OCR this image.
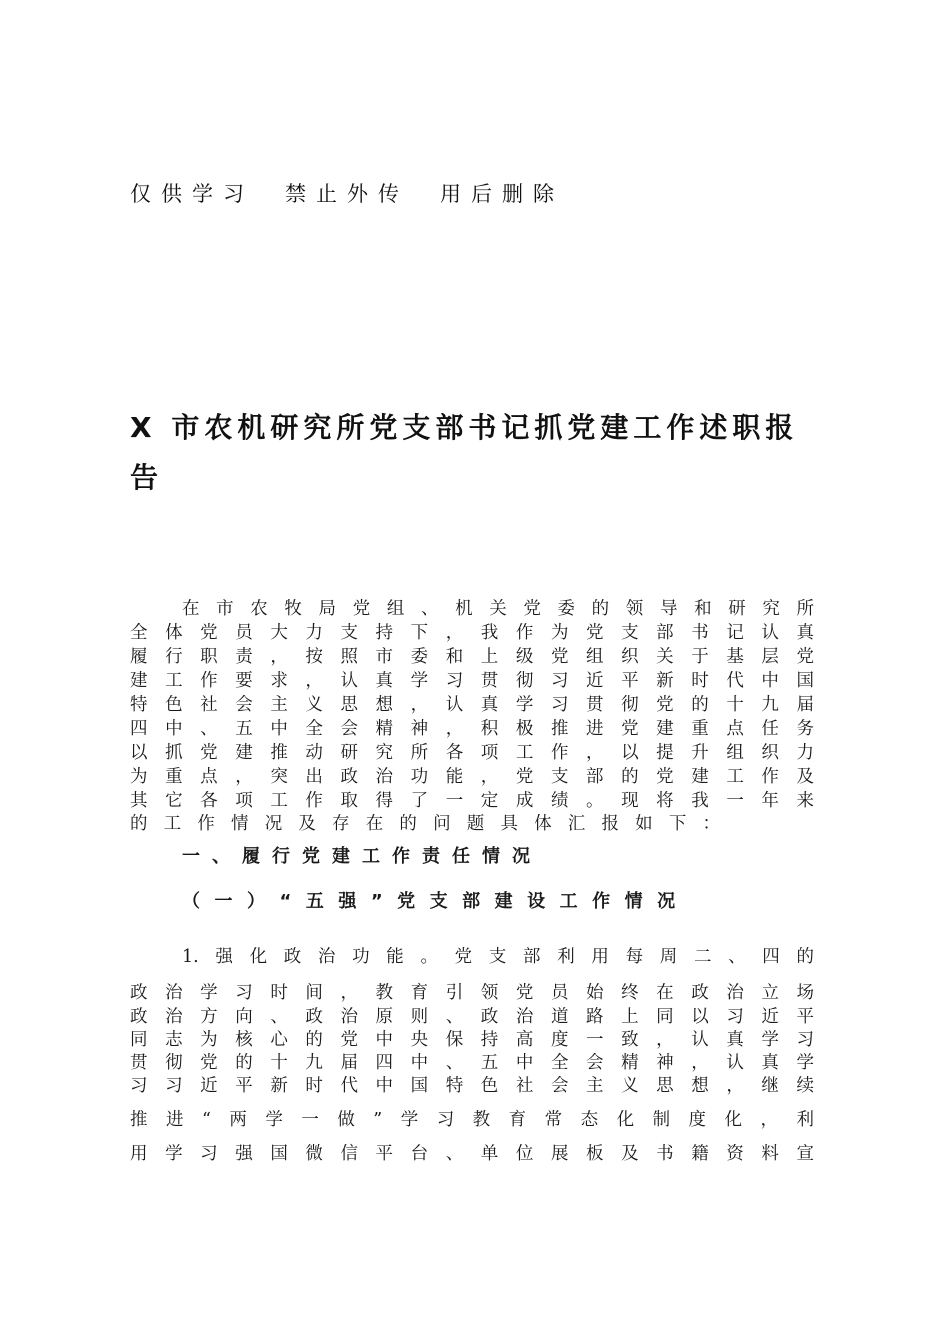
仅供学习　禁止外传　用后删除
X 市农机研究所党支部书记抓党建工作述职报告
在市农牧局党组、机关党委的领导和研究所
全体党员大力支持下，我作为党支部书记认真
履行职责，按照市委和上级党组织关于基层党
建工作要求，认真学习贯彻习近平新时代中国
特色社会主义思想，认真学习贯彻党的十九届
四中、五中全会精神，积极推进党建重点任务
以抓党建推动研究所各项工作，以提升组织力
为重点，突出政治功能，党支部的党建工作及
其它各项工作取得了一定成绩。现将我一年来
的工作情况及存在的问题具体汇报如下：
一、履行党建工作责任情况
（一）“五强”党支部建设工作情况
1.强化政治功能。党支部利用每周二、四的
政治学习时间，教育引领党员始终在政治立场
政治方向、政治原则、政治道路上同以习近平
同志为核心的党中央保持高度一致，认真学习
贯彻党的十九届四中、五中全会精神，认真学
习习近平新时代中国特色社会主义思想，继续
推进“两学一做”学习教育常态化制度化，利
用学习强国微信平台、单位展板及书籍资料宣
